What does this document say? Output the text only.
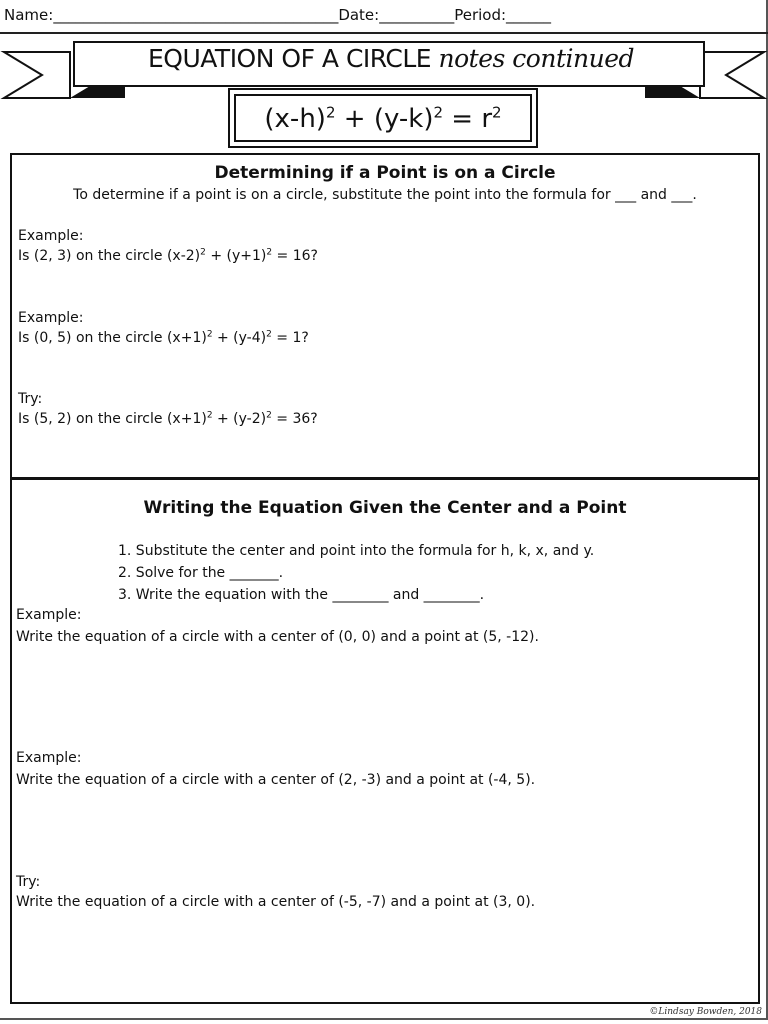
Name:______________________________________Date:__________Period:______
EQUATION OF A CIRCLE notes continued
$(x-h)^2 + (y-k)^2 = r^2$
Determining if a Point is on a Circle
To determine if a point is on a circle, substitute the point into the formula for ___ and ___.
Example:
Is (2, 3) on the circle $(x-2)^2 + (y+1)^2 = 16$?
Example:
Is (0, 5) on the circle $(x+1)^2 + (y-4)^2 = 1$?
Try:
Is (5, 2) on the circle $(x+1)^2 + (y-2)^2 = 36$?
Writing the Equation Given the Center and a Point
1. Substitute the center and point into the formula for h, k, x, and y.
2. Solve for the _______.
3. Write the equation with the ________ and ________.
Example:
Write the equation of a circle with a center of (0, 0) and a point at (5, -12).
Example:
Write the equation of a circle with a center of (2, -3) and a point at (-4, 5).
Try:
Write the equation of a circle with a center of (-5, -7) and a point at (3, 0).
©Lindsay Bowden, 2018
